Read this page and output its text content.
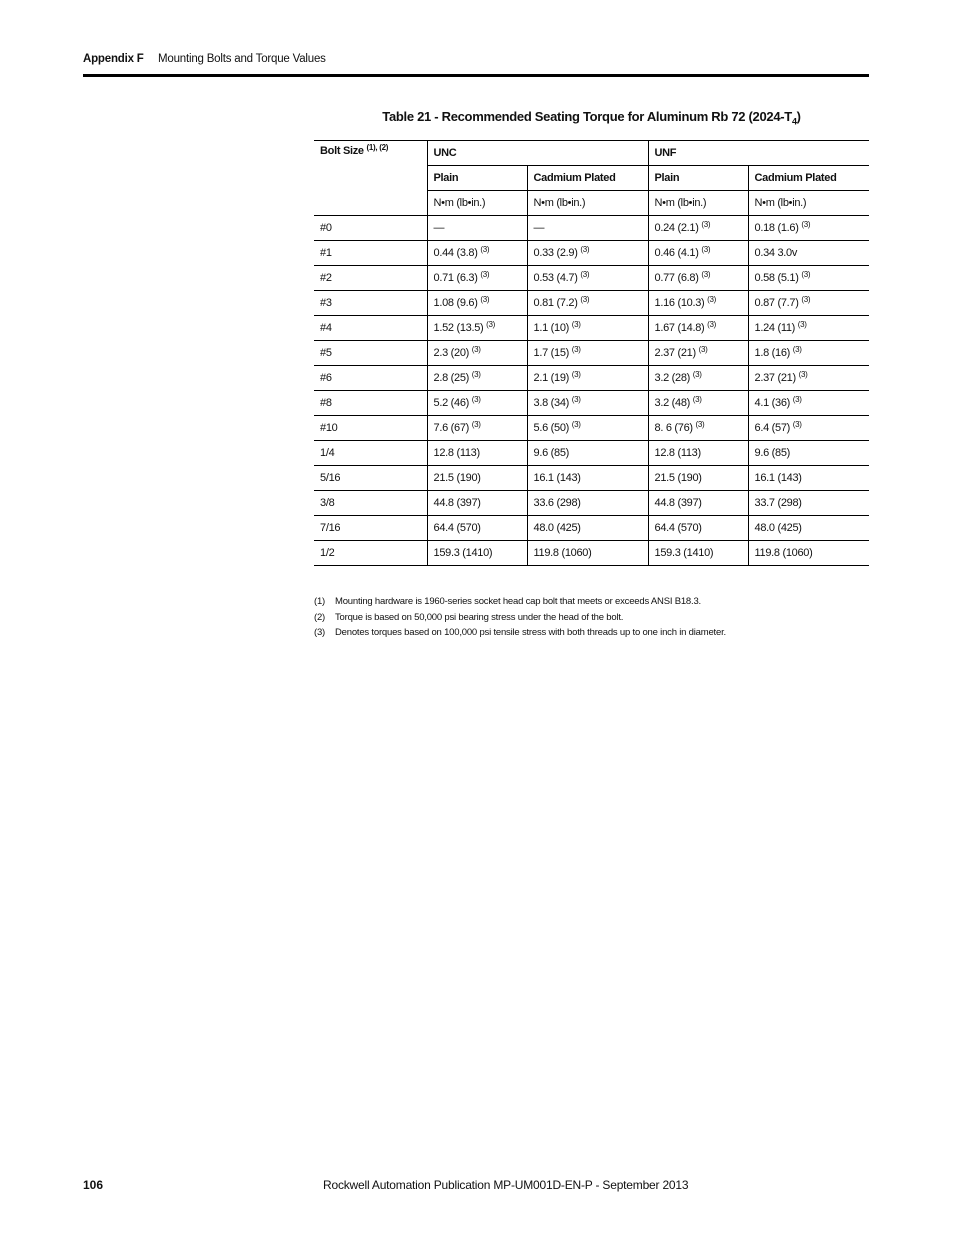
Appendix F Mounting Bolts and Torque Values
Table 21 - Recommended Seating Torque for Aluminum Rb 72 $(2024-T_4)$
Bolt Size $^{(1), (2)}$	UNC		UNF	
	Plain	Cadmium Plated	Plain	Cadmium Plated
	N•m (lb•in.)	N•m (lb•in.)	N•m (lb•in.)	N•m (lb•in.)
#0	—	—	0.24 (2.1) $^{(3)}$	0.18 (1.6) $^{(3)}$
#1	0.44 (3.8) $^{(3)}$	0.33 (2.9) $^{(3)}$	0.46 (4.1) $^{(3)}$	0.34 3.0v
#2	0.71 (6.3) $^{(3)}$	0.53 (4.7) $^{(3)}$	0.77 (6.8) $^{(3)}$	0.58 (5.1) $^{(3)}$
#3	1.08 (9.6) $^{(3)}$	0.81 (7.2) $^{(3)}$	1.16 (10.3) $^{(3)}$	0.87 (7.7) $^{(3)}$
#4	1.52 (13.5) $^{(3)}$	1.1 (10) $^{(3)}$	1.67 (14.8) $^{(3)}$	1.24 (11) $^{(3)}$
#5	2.3 (20) $^{(3)}$	1.7 (15) $^{(3)}$	2.37 (21) $^{(3)}$	1.8 (16) $^{(3)}$
#6	2.8 (25) $^{(3)}$	2.1 (19) $^{(3)}$	3.2 (28) $^{(3)}$	2.37 (21) $^{(3)}$
#8	5.2 (46) $^{(3)}$	3.8 (34) $^{(3)}$	3.2 (48) $^{(3)}$	4.1 (36) $^{(3)}$
#10	7.6 (67) $^{(3)}$	5.6 (50) $^{(3)}$	8. 6 (76) $^{(3)}$	6.4 (57) $^{(3)}$
1/4	12.8 (113)	9.6 (85)	12.8 (113)	9.6 (85)
5/16	21.5 (190)	16.1 (143)	21.5 (190)	16.1 (143)
3/8	44.8 (397)	33.6 (298)	44.8 (397)	33.7 (298)
7/16	64.4 (570)	48.0 (425)	64.4 (570)	48.0 (425)
1/2	159.3 (1410)	119.8 (1060)	159.3 (1410)	119.8 (1060)
(1) Mounting hardware is 1960-series socket head cap bolt that meets or exceeds ANSI B18.3.
(2) Torque is based on 50,000 psi bearing stress under the head of the bolt.
(3) Denotes torques based on 100,000 psi tensile stress with both threads up to one inch in diameter.
106	Rockwell Automation Publication MP-UM001D-EN-P - September 2013
